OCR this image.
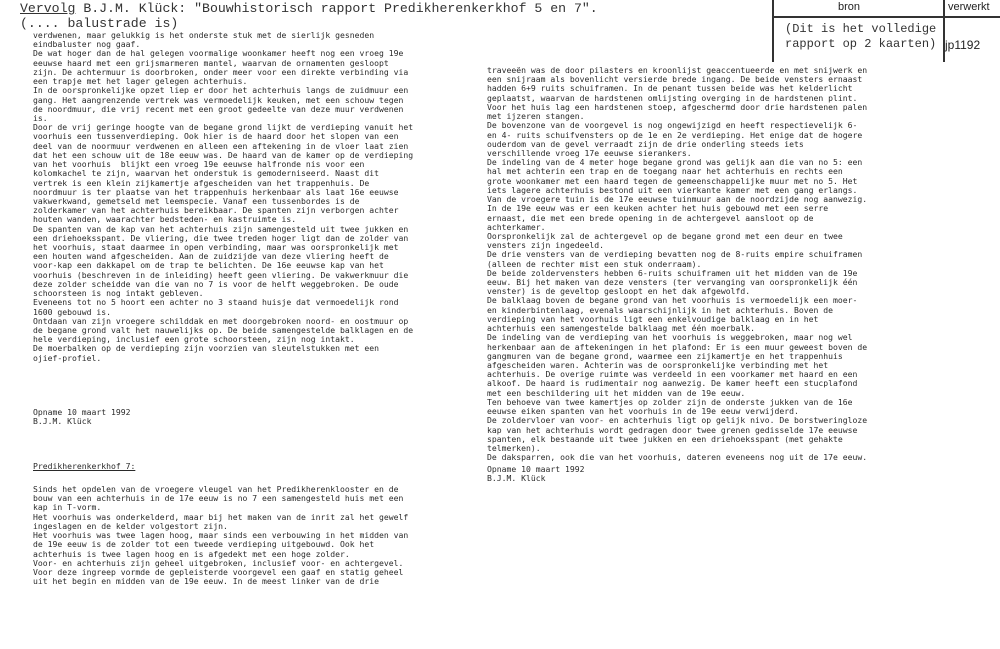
Vervolg B.J.M. Klück: "Bouwhistorisch rapport Predikherenkerkhof 5 en 7".
(.... balustrade is)
bron	verwerkt
(Dit is het volledige
rapport op 2 kaarten) jp1192
verdwenen, maar gelukkig is het onderste stuk met de sierlijk gesneden
eindbaluster nog gaaf.
De wat hoger dan de hal gelegen voormalige woonkamer heeft nog een vroeg 19e
eeuwse haard met een grijsmarmeren mantel, waarvan de ornamenten gesloopt
zijn. De achtermuur is doorbroken, onder meer voor een direkte verbinding via
een trapje met het lager gelegen achterhuis.
In de oorspronkelijke opzet liep er door het achterhuis langs de zuidmuur een
gang. Het aangrenzende vertrek was vermoedelijk keuken, met een schouw tegen
de noordmuur, die vrij recent met een groot gedeelte van deze muur verdwenen
is.
Door de vrij geringe hoogte van de begane grond lijkt de verdieping vanuit het
voorhuis een tussenverdieping. Ook hier is de haard door het slopen van een
deel van de noormuur verdwenen en alleen een aftekening in de vloer laat zien
dat het een schouw uit de 18e eeuw was. De haard van de kamer op de verdieping
van het voorhuis  blijkt een vroeg 19e eeuwse halfronde nis voor een
kolomkachel te zijn, waarvan het onderstuk is gemoderniseerd. Naast dit
vertrek is een klein zijkamertje afgescheiden van het trappenhuis. De
noordmuur is ter plaatse van het trappenhuis herkenbaar als laat 16e eeuwse
vakwerkwand, gemetseld met leemspecie. Vanaf een tussenbordes is de
zolderkamer van het achterhuis bereikbaar. De spanten zijn verborgen achter
houten wanden, waarachter bedsteden- en kastruimte is.
De spanten van de kap van het achterhuis zijn samengesteld uit twee jukken en
een driehoeksspant. De vliering, die twee treden hoger ligt dan de zolder van
het voorhuis, staat daarmee in open verbinding, maar was oorspronkelijk met
een houten wand afgescheiden. Aan de zuidzijde van deze vliering heeft de
voor-kap een dakkapel om de trap te belichten. De 16e eeuwse kap van het
voorhuis (beschreven in de inleiding) heeft geen vliering. De vakwerkmuur die
deze zolder scheidde van die van no 7 is voor de helft weggebroken. De oude
schoorsteen is nog intakt gebleven.
Eveneens tot no 5 hoort een achter no 3 staand huisje dat vermoedelijk rond
1600 gebouwd is.
Ontdaan van zijn vroegere schilddak en met doorgebroken noord- en oostmuur op
de begane grond valt het nauwelijks op. De beide samengestelde balklagen en de
hele verdieping, inclusief een grote schoorsteen, zijn nog intakt.
De moerbalken op de verdieping zijn voorzien van sleutelstukken met een
ojief-profiel.
Opname 10 maart 1992
B.J.M. Klück
Predikherenkerkhof 7:
Sinds het opdelen van de vroegere vleugel van het Predikherenklooster en de
bouw van een achterhuis in de 17e eeuw is no 7 een samengesteld huis met een
kap in T-vorm.
Het voorhuis was onderkelderd, maar bij het maken van de inrit zal het gewelf
ingeslagen en de kelder volgestort zijn.
Het voorhuis was twee lagen hoog, maar sinds een verbouwing in het midden van
de 19e eeuw is de zolder tot een tweede verdieping uitgebouwd. Ook het
achterhuis is twee lagen hoog en is afgedekt met een hoge zolder.
Voor- en achterhuis zijn geheel uitgebroken, inclusief voor- en achtergevel.
Voor deze ingreep vormde de gepleisterde voorgevel een gaaf en statig geheel
uit het begin en midden van de 19e eeuw. In de meest linker van de drie
traveeën was de door pilasters en kroonlijst geaccentueerde en met snijwerk en
een snijraam als bovenlicht versierde brede ingang. De beide vensters ernaast
hadden 6+9 ruits schuiframen. In de penant tussen beide was het kelderlicht
geplaatst, waarvan de hardstenen omlijsting overging in de hardstenen plint.
Voor het huis lag een hardstenen stoep, afgeschermd door drie hardstenen palen
met ijzeren stangen.
De bovenzone van de voorgevel is nog ongewijzigd en heeft respectievelijk 6-
en 4- ruits schuifvensters op de 1e en 2e verdieping. Het enige dat de hogere
ouderdom van de gevel verraadt zijn de drie onderling steeds iets
verschillende vroeg 17e eeuwse sierankers.
De indeling van de 4 meter hoge begane grond was gelijk aan die van no 5: een
hal met achterin een trap en de toegang naar het achterhuis en rechts een
grote woonkamer met een haard tegen de gemeenschappelijke muur met no 5. Het
iets lagere achterhuis bestond uit een vierkante kamer met een gang erlangs.
Van de vroegere tuin is de 17e eeuwse tuinmuur aan de noordzijde nog aanwezig.
In de 19e eeuw was er een keuken achter het huis gebouwd met een serre
ernaast, die met een brede opening in de achtergevel aansloot op de
achterkamer.
Oorspronkelijk zal de achtergevel op de begane grond met een deur en twee
vensters zijn ingedeeld.
De drie vensters van de verdieping bevatten nog de 8-ruits empire schuiframen
(alleen de rechter mist een stuk onderraam).
De beide zoldervensters hebben 6-ruits schuiframen uit het midden van de 19e
eeuw. Bij het maken van deze vensters (ter vervanging van oorspronkelijk één
venster) is de geveltop gesloopt en het dak afgewolfd.
De balklaag boven de begane grond van het voorhuis is vermoedelijk een moer-
en kinderbintenlaag, evenals waarschijnlijk in het achterhuis. Boven de
verdieping van het voorhuis ligt een enkelvoudige balklaag en in het
achterhuis een samengestelde balklaag met één moerbalk.
De indeling van de verdieping van het voorhuis is weggebroken, maar nog wel
herkenbaar aan de aftekeningen in het plafond: Er is een muur geweest boven de
gangmuren van de begane grond, waarmee een zijkamertje en het trappenhuis
afgescheiden waren. Achterin was de oorspronkelijke verbinding met het
achterhuis. De overige ruimte was verdeeld in een voorkamer met haard en een
alkoof. De haard is rudimentair nog aanwezig. De kamer heeft een stucplafond
met een beschildering uit het midden van de 19e eeuw.
Ten behoeve van twee kamertjes op zolder zijn de onderste jukken van de 16e
eeuwse eiken spanten van het voorhuis in de 19e eeuw verwijderd.
De zoldervloer van voor- en achterhuis ligt op gelijk nivo. De borstweringloze
kap van het achterhuis wordt gedragen door twee grenen gedisselde 17e eeuwse
spanten, elk bestaande uit twee jukken en een driehoeksspant (met gehakte
telmerken).
De daksparren, ook die van het voorhuis, dateren eveneens nog uit de 17e eeuw.
Opname 10 maart 1992
B.J.M. Klück
